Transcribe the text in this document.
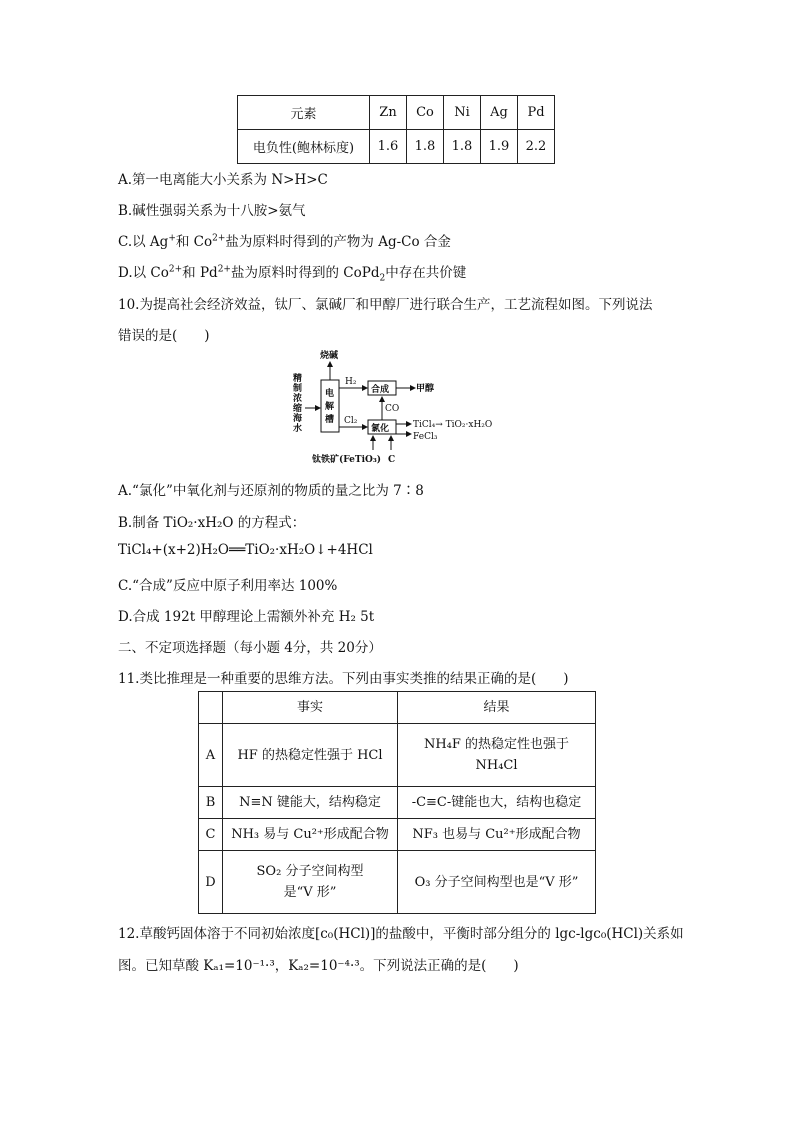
元素	Zn	Co	Ni	Ag	Pd
电负性(鲍林标度)	1.6	1.8	1.8	1.9	2.2
A.第一电离能大小关系为 N>H>C
B.碱性强弱关系为十八胺>氨气
C.以 Ag+和 $Co^{2+}$盐为原料时得到的产物为 Ag-Co 合金
D.以 $Co^{2+}$和 $Pd^{2+}$盐为原料时得到的 CoPd$_2$中存在共价键
10.为提高社会经济效益，钛厂、氯碱厂和甲醇厂进行联合生产，工艺流程如图。下列说法
错误的是(　　)
精制浓缩海水
电解槽
烧碱
H₂
合成	甲醇
Cl₂
氯化
CO
TiCl₄→ TiO₂·xH₂O
FeCl₃
钛铁矿(FeTiO₃) C
A.“氯化”中氧化剂与还原剂的物质的量之比为 7∶8
B.制备 TiO₂·xH₂O 的方程式：
TiCl₄+(x+2)H₂O══TiO₂·xH₂O↓+4HCl
C.“合成”反应中原子利用率达 100%
D.合成 192t 甲醇理论上需额外补充 H₂ 5t
二、不定项选择题（每小题 4分，共 20分）
11.类比推理是一种重要的思维方法。下列由事实类推的结果正确的是(　　)
	事实	结果
A	HF 的热稳定性强于 HCl	NH₄F 的热稳定性也强于 NH₄Cl
B	N≡N 键能大，结构稳定	-C≡C-键能也大，结构也稳定
C	NH₃ 易与 Cu²⁺形成配合物	NF₃ 也易与 Cu²⁺形成配合物
D	SO₂ 分子空间构型是“V 形”	O₃ 分子空间构型也是“V 形”
12.草酸钙固体溶于不同初始浓度[c₀(HCl)]的盐酸中，平衡时部分组分的 lgc-lgc₀(HCl)关系如
图。已知草酸 Kₐ₁=10⁻¹·³，Kₐ₂=10⁻⁴·³。下列说法正确的是(　　)
